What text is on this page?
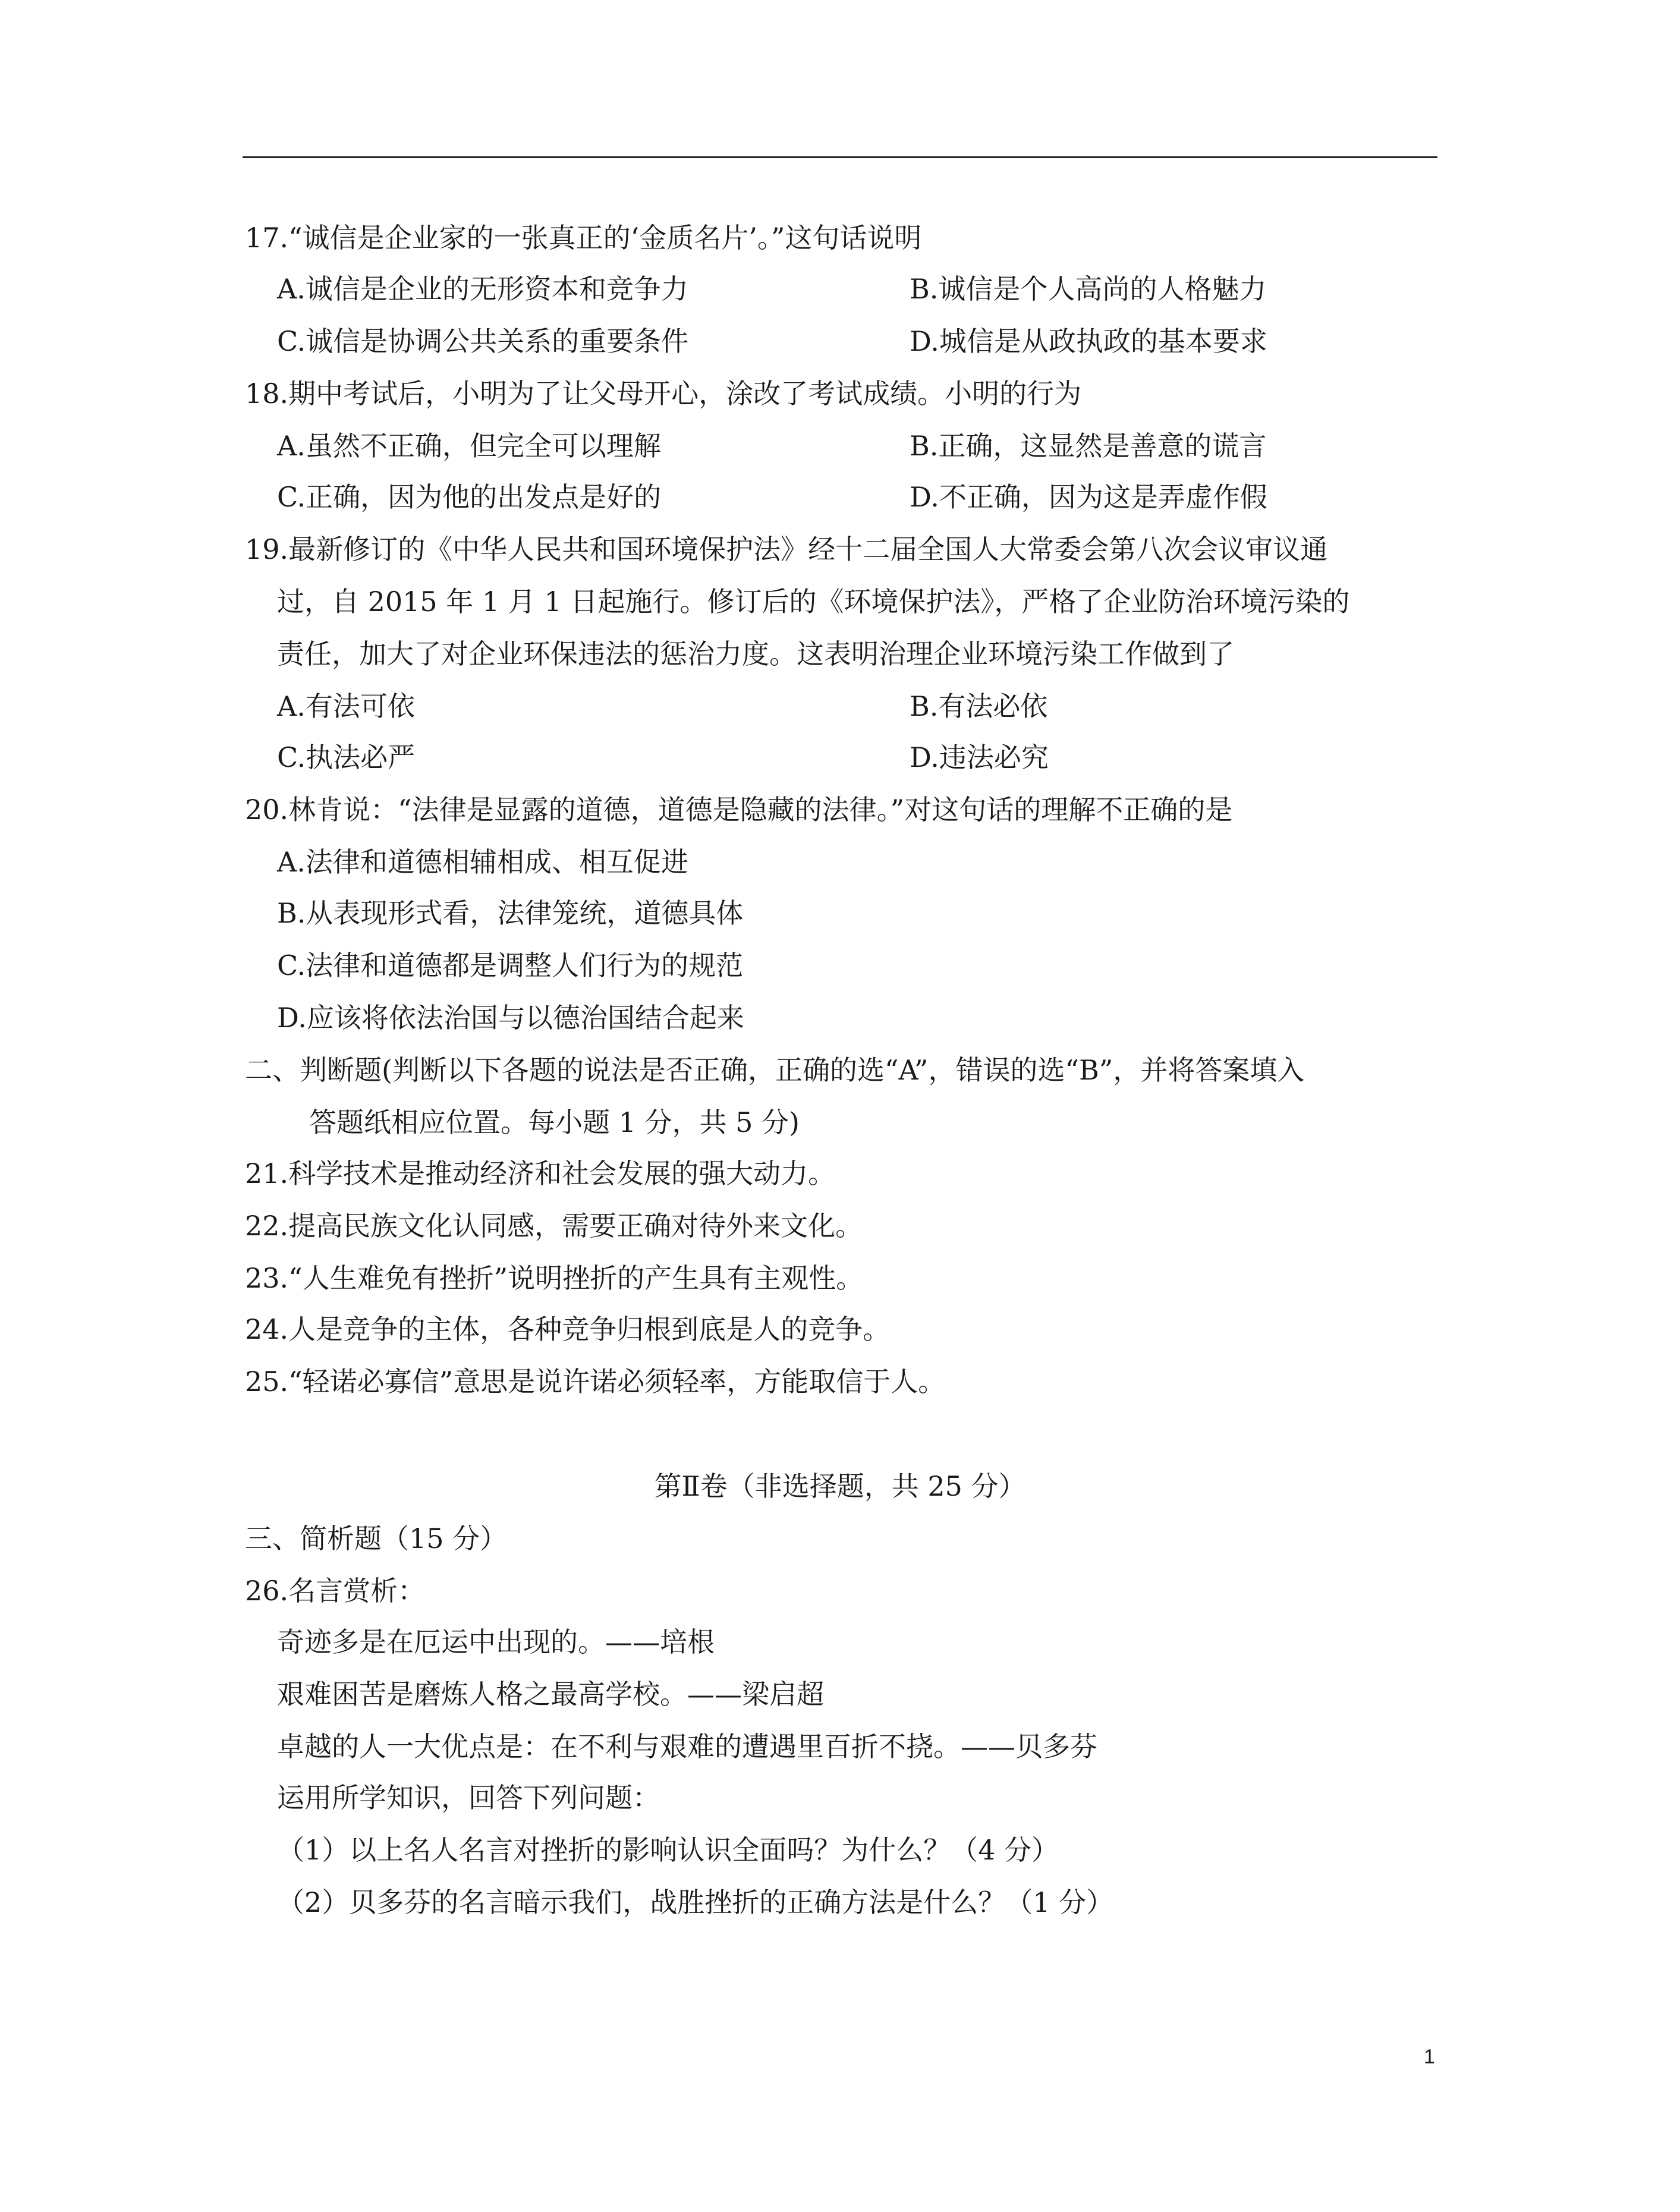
17.“诚信是企业家的一张真正的‘金质名片’。”这句话说明
A.诚信是企业的无形资本和竞争力	B.诚信是个人高尚的人格魅力
C.诚信是协调公共关系的重要条件	D.城信是从政执政的基本要求
18.期中考试后，小明为了让父母开心，涂改了考试成绩。小明的行为
A.虽然不正确，但完全可以理解	B.正确，这显然是善意的谎言
C.正确，因为他的出发点是好的	D.不正确，因为这是弄虚作假
19.最新修订的《中华人民共和国环境保护法》经十二届全国人大常委会第八次会议审议通
过，自 2015 年 1 月 1 日起施行。修订后的《环境保护法》，严格了企业防治环境污染的
责任，加大了对企业环保违法的惩治力度。这表明治理企业环境污染工作做到了
A.有法可依	B.有法必依
C.执法必严	D.违法必究
20.林肯说：“法律是显露的道德，道德是隐藏的法律。”对这句话的理解不正确的是
A.法律和道德相辅相成、相互促进
B.从表现形式看，法律笼统，道德具体
C.法律和道德都是调整人们行为的规范
D.应该将依法治国与以德治国结合起来
二、判断题(判断以下各题的说法是否正确，正确的选“A”，错误的选“B”，并将答案填入
答题纸相应位置。每小题 1 分，共 5 分)
21.科学技术是推动经济和社会发展的强大动力。
22.提高民族文化认同感，需要正确对待外来文化。
23.“人生难免有挫折”说明挫折的产生具有主观性。
24.人是竞争的主体，各种竞争归根到底是人的竞争。
25.“轻诺必寡信”意思是说许诺必须轻率，方能取信于人。
第Ⅱ卷（非选择题，共 25 分）
三、简析题（15 分）
26.名言赏析：
奇迹多是在厄运中出现的。——培根
艰难困苦是磨炼人格之最高学校。——梁启超
卓越的人一大优点是：在不利与艰难的遭遇里百折不挠。——贝多芬
运用所学知识，回答下列问题：
（1）以上名人名言对挫折的影响认识全面吗？为什么？（4 分）
（2）贝多芬的名言暗示我们，战胜挫折的正确方法是什么？（1 分）
1
